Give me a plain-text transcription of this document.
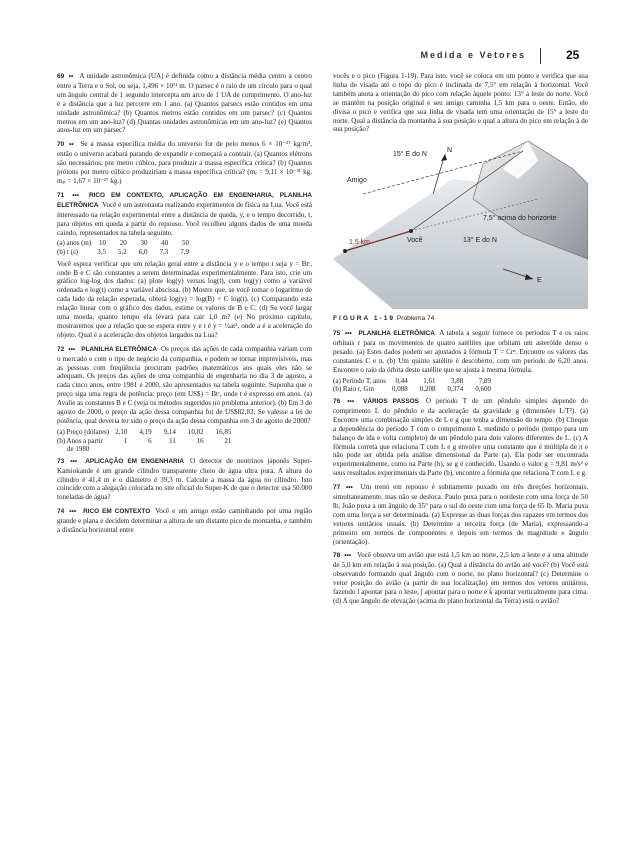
Medida e Vetores	25

69 •• A unidade astronômica (UA) é definida como a distância média centro a centro entre a Terra e o Sol, ou seja, 1,496 × 10¹¹ m. O parsec é o raio de um círculo para o qual um ângulo central de 1 segundo intercepta um arco de 1 UA de comprimento. O ano-luz é a distância que a luz percorre em 1 ano. (a) Quantos parsecs estão contidos em uma unidade astronômica? (b) Quantos metros estão contidos em um parsec? (c) Quantos metros em um ano-luz? (d) Quantas unidades astronômicas em um ano-luz? (e) Quantos anos-luz em um parsec?

70 •• Se a massa específica média do universo for de pelo menos 6 × 10⁻²⁷ kg/m³, então o universo acabará parando de expandir e começará a contrair. (a) Quantos elétrons são necessários, por metro cúbico, para produzir a massa específica crítica? (b) Quantos prótons por metro cúbico produziriam a massa específica crítica? (mₑ = 9,11 × 10⁻³¹ kg, mₚ = 1,67 × 10⁻²⁷ kg.)

71 ••• RICO EM CONTEXTO, APLICAÇÃO EM ENGENHARIA, PLANILHA ELETRÔNICA Você é um astronauta realizando experimentos de física na Lua. Você está interessado na relação experimental entre a distância de queda, y, e o tempo decorrido, t, para objetos em queda a partir do repouso. Você recolheu alguns dados de uma moeda caindo, representados na tabela seguinte.

(a) anos (m)	10	20	30	40	50
(b) t (s)	3,5	5,2	6,0	7,3	7,9

Você espera verificar que um relação geral entre a distância y e o tempo t seja y = Btᶜ, onde B e C são constantes a serem determinadas experimentalmente. Para isto, crie um gráfico log-log dos dados: (a) plote log(y) versus log(t), com log(y) como a variável ordenada e log(t) como a variável abscissa. (b) Mostre que, se você tomar o logaritmo de cada lado da relação esperada, obterá log(y) = log(B) + C log(t). (c) Comparando esta relação linear com o gráfico dos dados, estime os valores de B e C. (d) Se você largar uma moeda, quanto tempo ela levará para cair 1,0 m? (e) No próximo capítulo, mostraremos que a relação que se espera entre y e t é y = ½at², onde a é a aceleração do objeto. Qual é a aceleração dos objetos largados na Lua?

72 ••• PLANILHA ELETRÔNICA Os preços das ações de cada companhia variam com o mercado e com o tipo de negócio da companhia, e podem se tornar imprevisíveis, mas as pessoas com freqüência procuram padrões matemáticos aos quais eles não se adequam. Os preços das ações de uma companhia de engenharia no dia 3 de agosto, a cada cinco anos, entre 1981 e 2000, são apresentados na tabela seguinte. Suponha que o preço siga uma regra de potência: preço (em US$) = Btᶜ, onde t é expresso em anos. (a) Avalie as constantes B e C (veja os métodos sugeridos no problema anterior). (b) Em 3 de agosto de 2000, o preço da ação dessa companhia foi de US$82,83. Se valesse a lei de potência, qual deveria ter sido o preço da ação dessa companhia em 3 de agosto de 2000?

(a) Preço (dólares)	2,10	4,19	9,14	10,82	16,85
(b) Anos a partir	1	6	11	16	21
de 1980					

73 ••• APLICAÇÃO EM ENGENHARIA O detector de neutrinos japonês Super-Kamiokande é um grande cilindro transparente cheio de água ultra pura. A altura do cilindro é 41,4 m e o diâmetro é 39,3 m. Calcule a massa da água no cilindro. Isto coincide com a alegação colocada no site oficial do Super-K de que o detector usa 50.000 toneladas de água?

74 ••• RICO EM CONTEXTO Você e um amigo estão caminhando por uma região grande e plana e decidem determinar a altura de um distante pico de montanha, e também a distância horizontal entre

vocês e o pico (Figura 1-19). Para isto, você se coloca em um ponto e verifica que sua linha de visada até o topo do pico é inclinada de 7,5° em relação à horizontal. Você também anota a orientação do pico com relação àquele ponto: 13° a leste do norte. Você se mantém na posição original e seu amigo caminha 1,5 km para o oeste. Então, ele divisa o pico e verifica que sua linha de visada tem uma orientação de 15° a leste do norte. Qual a distância da montanha à sua posição e qual a altura do pico em relação à de sua posição?

15° E do N
Amigo
N
Você
7,5° acima do horizonte
13° E do N
1,5 km
E

FIGURA 1-19 Problema 74

75 ••• PLANILHA ELETRÔNICA A tabela a seguir fornece os períodos T e os raios orbitais r para os movimentos de quatro satélites que orbitam um asteróide denso e pesado. (a) Estes dados podem ser ajustados à fórmula T = Crⁿ. Encontre os valores das constantes C e n. (b) Um quinto satélite é descoberto, com um período de 6,20 anos. Encontre o raio da órbita deste satélite que se ajusta à mesma fórmula.

(a) Período T, anos	0,44	1,61	3,88	7,89
(b) Raio r, Gm	0,088	0,208	0,374	0,600

76 ••• VÁRIOS PASSOS O período T de um pêndulo simples depende do comprimento L do pêndulo e da aceleração da gravidade g (dimensões L/T²). (a) Encontre uma combinação simples de L e g que tenha a dimensão do tempo. (b) Cheque a dependência do período T com o comprimento L medindo o período (tempo para um balanço de ida e volta completo) de um pêndulo para dois valores diferentes de L. (c) A fórmula correta que relaciona T com L e g envolve uma constante que é múltipla de π e não pode ser obtida pela análise dimensional da Parte (a). Ela pode ser encontrada experimentalmente, como na Parte (b), se g é conhecido. Usando o valor g = 9,81 m/s² e seus resultados experimentais da Parte (b), encontre a fórmula que relaciona T com L e g.

77 ••• Um trenó em repouso é subitamente puxado em três direções horizontais, simultaneamente, mas não se desloca. Paulo puxa para o nordeste com uma força de 50 lb. João puxa a um ângulo de 35° para o sul do oeste com uma força de 65 lb. Maria puxa com uma força a ser determinada. (a) Expresse as duas forças dos rapazes em termos dos vetores unitários usuais. (b) Determine a terceira força (de Maria), expressando-a primeiro em termos de componentes e depois em termos de magnitude e ângulo (orientação).

78 ••• Você observa um avião que está 1,5 km ao norte, 2,5 km a leste e a uma altitude de 5,0 km em relação à sua posição. (a) Qual a distância do avião até você? (b) Você está observando formando qual ângulo com o norte, no plano horizontal? (c) Determine o vetor posição do avião (a partir de sua localização) em termos dos vetores unitários, fazendo î apontar para o leste, ĵ apontar para o norte e k̂ apontar verticalmente para cima. (d) A que ângulo de elevação (acima do plano horizontal da Terra) está o avião?
